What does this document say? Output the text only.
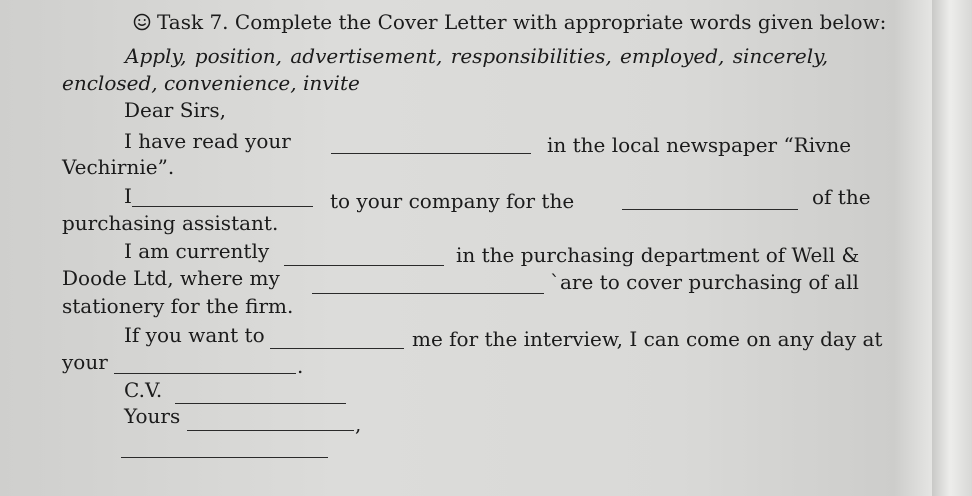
Task 7. Complete the Cover Letter with appropriate words given below:
Apply, position, advertisement, responsibilities, employed, sincerely,
enclosed, convenience, invite
Dear Sirs,
I have read your	in the local newspaper “Rivne
Vechirnie”.
I	to your company for the	of the
purchasing assistant.
I am currently	in the purchasing department of Well &
Doode Ltd, where my	`are to cover purchasing of all
stationery for the firm.
If you want to	me for the interview, I can come on any day at
your	.
C.V.
Yours	,
